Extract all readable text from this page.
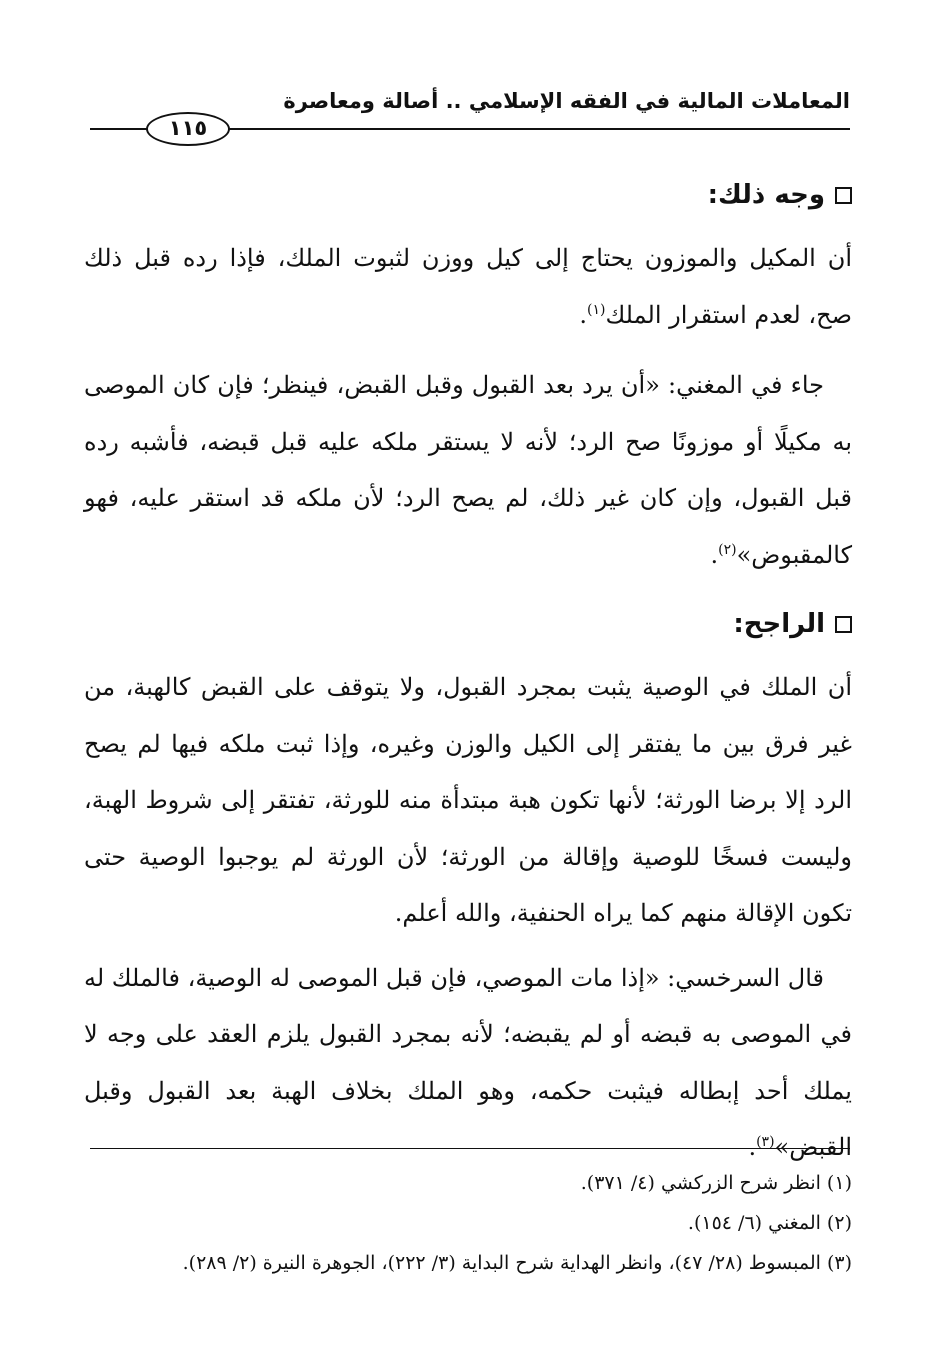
المعاملات المالية في الفقه الإسلامي .. أصالة ومعاصرة
١١٥
وجه ذلك:

أن المكيل والموزون يحتاج إلى كيل ووزن لثبوت الملك، فإذا رده قبل ذلك صح، لعدم استقرار الملك$^{(١)}$.

جاء في المغني: «أن يرد بعد القبول وقبل القبض، فينظر؛ فإن كان الموصى به مكيلًا أو موزونًا صح الرد؛ لأنه لا يستقر ملكه عليه قبل قبضه، فأشبه رده قبل القبول، وإن كان غير ذلك، لم يصح الرد؛ لأن ملكه قد استقر عليه، فهو كالمقبوض»$^{(٢)}$.

الراجح:

أن الملك في الوصية يثبت بمجرد القبول، ولا يتوقف على القبض كالهبة، من غير فرق بين ما يفتقر إلى الكيل والوزن وغيره، وإذا ثبت ملكه فيها لم يصح الرد إلا برضا الورثة؛ لأنها تكون هبة مبتدأة منه للورثة، تفتقر إلى شروط الهبة، وليست فسخًا للوصية وإقالة من الورثة؛ لأن الورثة لم يوجبوا الوصية حتى تكون الإقالة منهم كما يراه الحنفية، والله أعلم.

قال السرخسي: «إذا مات الموصي، فإن قبل الموصى له الوصية، فالملك له في الموصى به قبضه أو لم يقبضه؛ لأنه بمجرد القبول يلزم العقد على وجه لا يملك أحد إبطاله فيثبت حكمه، وهو الملك بخلاف الهبة بعد القبول وقبل القبض»$^{(٣)}$.

(١) انظر شرح الزركشي (٤/ ٣٧١).

(٢) المغني (٦/ ١٥٤).

(٣) المبسوط (٢٨/ ٤٧)، وانظر الهداية شرح البداية (٣/ ٢٢٢)، الجوهرة النيرة (٢/ ٢٨٩).
